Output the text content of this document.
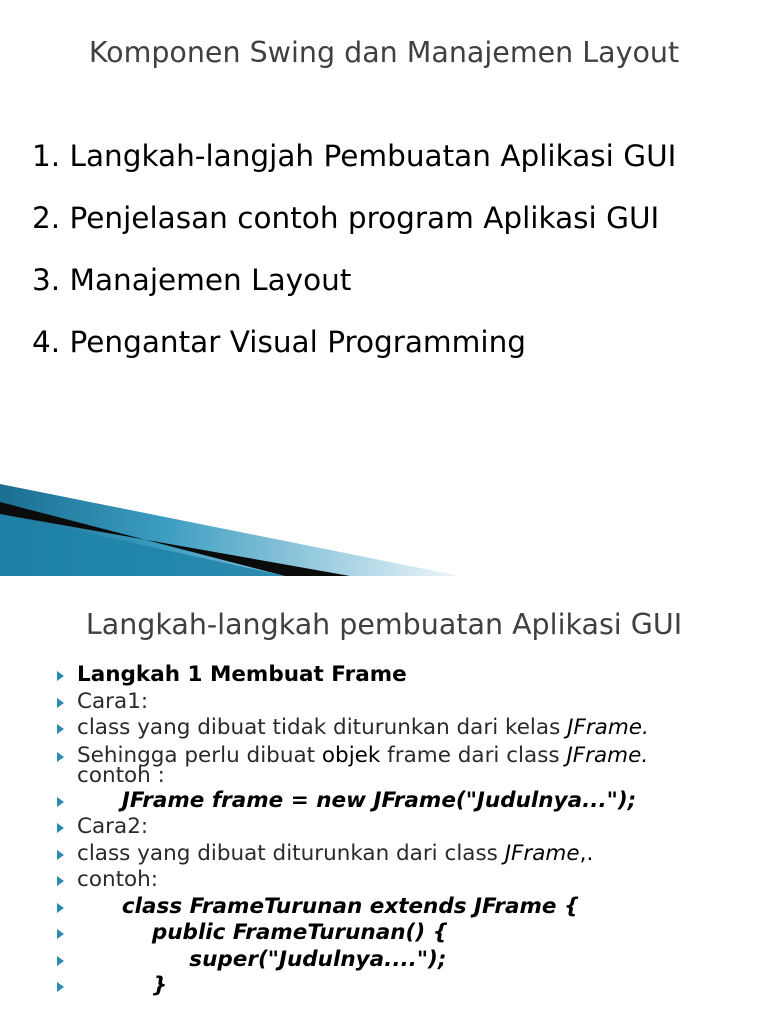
Komponen Swing dan Manajemen Layout
1. Langkah-langjah Pembuatan Aplikasi GUI
2. Penjelasan contoh program Aplikasi GUI
3. Manajemen Layout
4. Pengantar Visual Programming
Langkah-langkah pembuatan Aplikasi GUI
Langkah 1 Membuat Frame
Cara1:
class yang dibuat tidak diturunkan dari kelas JFrame.
Sehingga perlu dibuat objek frame dari class JFrame.
contoh :
JFrame frame = new JFrame("Judulnya...");
Cara2:
class yang dibuat diturunkan dari class JFrame,.
contoh:
class FrameTurunan extends JFrame {
public FrameTurunan() {
super("Judulnya....");
}
